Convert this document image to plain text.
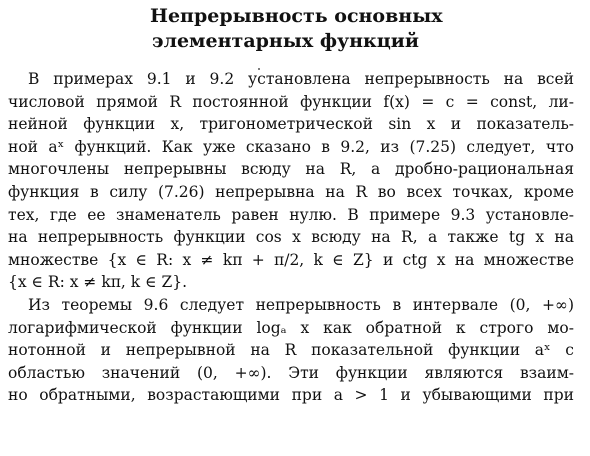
Непрерывность основных
элементарных функций
В примерах 9.1 и 9.2 установлена непрерывность на всей
числовой прямой R постоянной функции f(x) = c = const, ли-
нейной функции x, тригонометрической sin x и показатель-
ной aˣ функций. Как уже сказано в 9.2, из (7.25) следует, что
многочлены непрерывны всюду на R, а дробно-рациональная
функция в силу (7.26) непрерывна на R во всех точках, кроме
тех, где ее знаменатель равен нулю. В примере 9.3 установле-
на непрерывность функции cos x всюду на R, а также tg x на
множестве {x ∈ R: x ≠ kπ + π/2, k ∈ Z} и ctg x на множестве
{x ∈ R: x ≠ kπ, k ∈ Z}.
Из теоремы 9.6 следует непрерывность в интервале (0, +∞)
логарифмической функции logₐ x как обратной к строго мо-
нотонной и непрерывной на R показательной функции aˣ с
областью значений (0, +∞). Эти функции являются взаим-
но обратными, возрастающими при a > 1 и убывающими при
